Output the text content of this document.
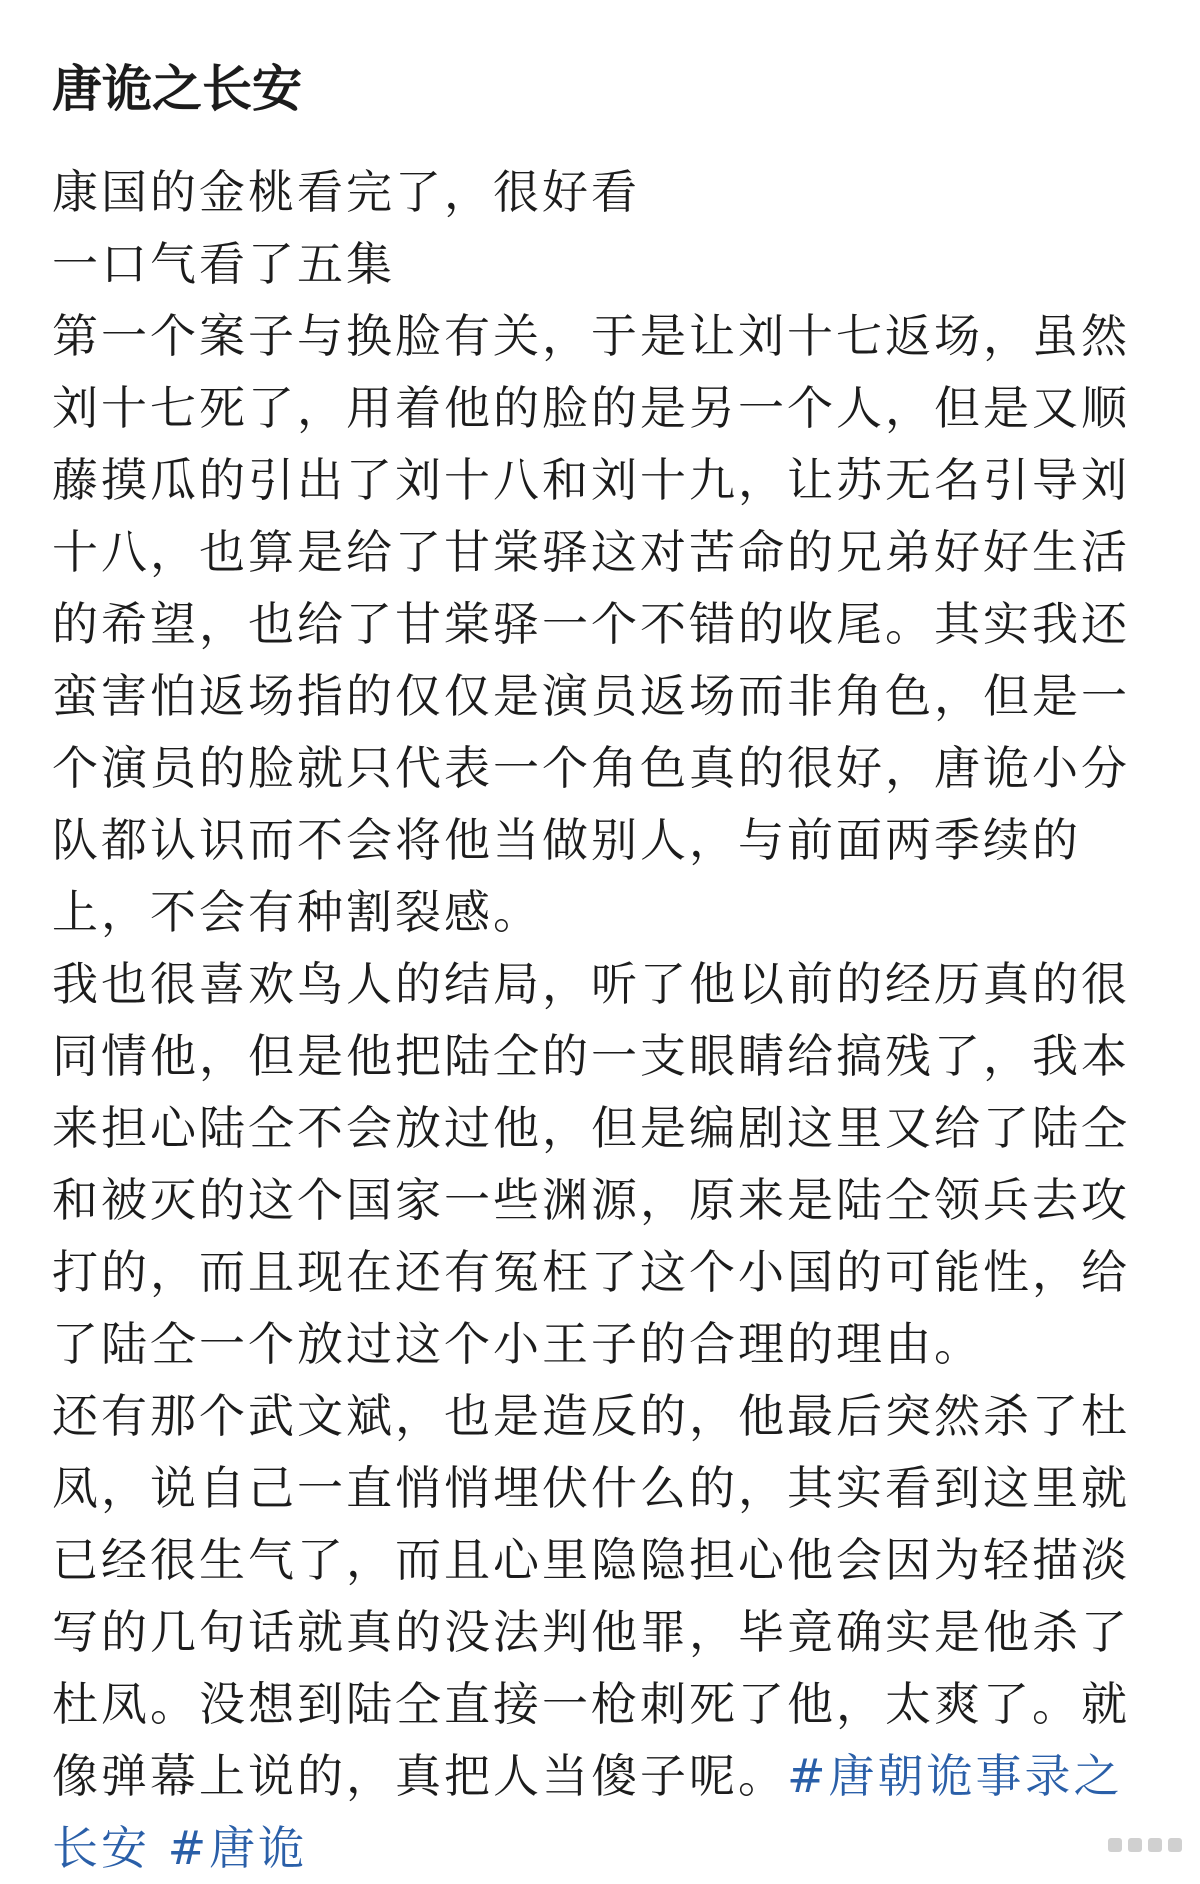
唐诡之长安
康国的金桃看完了，很好看
一口气看了五集
第一个案子与换脸有关，于是让刘十七返场，虽然
刘十七死了，用着他的脸的是另一个人，但是又顺
藤摸瓜的引出了刘十八和刘十九，让苏无名引导刘
十八，也算是给了甘棠驿这对苦命的兄弟好好生活
的希望，也给了甘棠驿一个不错的收尾。其实我还
蛮害怕返场指的仅仅是演员返场而非角色，但是一
个演员的脸就只代表一个角色真的很好，唐诡小分
队都认识而不会将他当做别人，与前面两季续的
上，不会有种割裂感。
我也很喜欢鸟人的结局，听了他以前的经历真的很
同情他，但是他把陆仝的一支眼睛给搞残了，我本
来担心陆仝不会放过他，但是编剧这里又给了陆仝
和被灭的这个国家一些渊源，原来是陆仝领兵去攻
打的，而且现在还有冤枉了这个小国的可能性，给
了陆仝一个放过这个小王子的合理的理由。
还有那个武文斌，也是造反的，他最后突然杀了杜
凤，说自己一直悄悄埋伏什么的，其实看到这里就
已经很生气了，而且心里隐隐担心他会因为轻描淡
写的几句话就真的没法判他罪，毕竟确实是他杀了
杜凤。没想到陆仝直接一枪刺死了他，太爽了。就
像弹幕上说的，真把人当傻子呢。#唐朝诡事录之
长安 #唐诡
